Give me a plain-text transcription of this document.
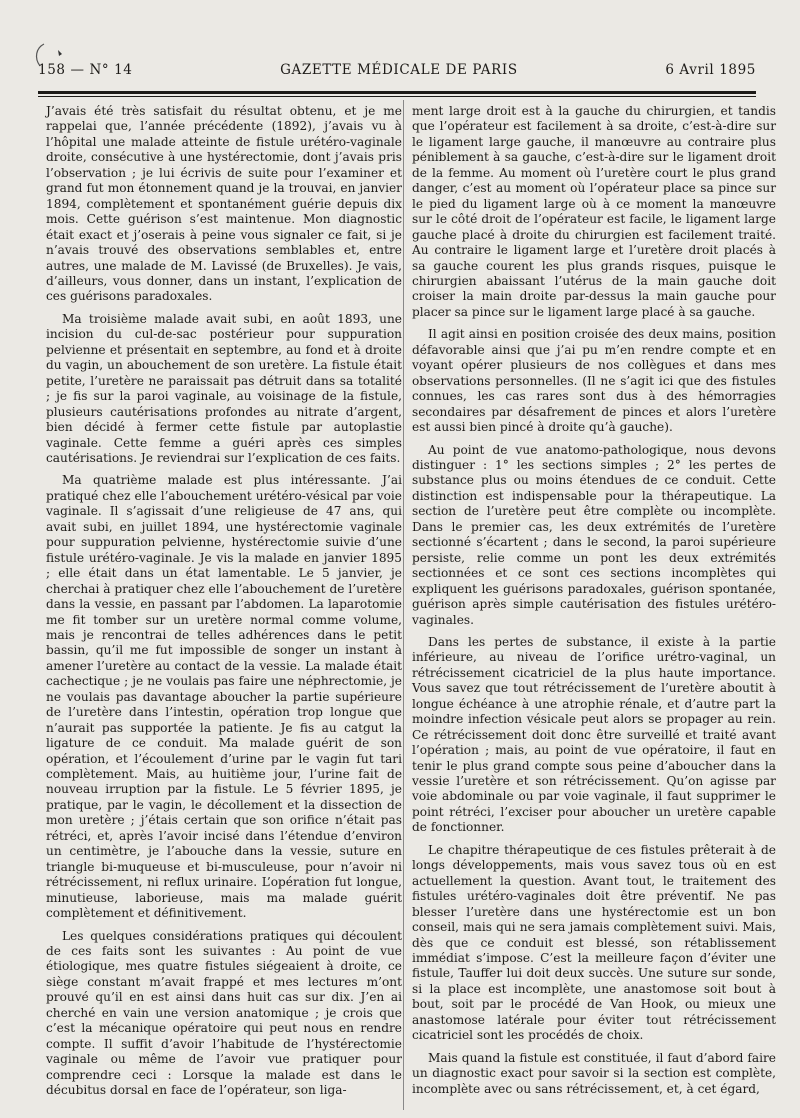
158 — N° 14	GAZETTE MÉDICALE DE PARIS	6 Avril 1895

J’avais été très satisfait du résultat obtenu, et je me rappelai que, l’année précédente (1892), j’avais vu à l’hôpital une malade atteinte de fistule urétéro-vaginale droite, consécutive à une hystérectomie, dont j’avais pris l’observation ; je lui écrivis de suite pour l’examiner et grand fut mon étonnement quand je la trouvai, en janvier 1894, complètement et spontanément guérie depuis dix mois. Cette guérison s’est maintenue. Mon diagnostic était exact et j’oserais à peine vous signaler ce fait, si je n’avais trouvé des observations semblables et, entre autres, une malade de M. Lavissé (de Bruxelles). Je vais, d’ailleurs, vous donner, dans un instant, l’explication de ces guérisons paradoxales.

Ma troisième malade avait subi, en août 1893, une incision du cul-de-sac postérieur pour suppuration pelvienne et présentait en septembre, au fond et à droite du vagin, un abouchement de son uretère. La fistule était petite, l’uretère ne paraissait pas détruit dans sa totalité ; je fis sur la paroi vaginale, au voisinage de la fistule, plusieurs cautérisations profondes au nitrate d’argent, bien décidé à fermer cette fistule par autoplastie vaginale. Cette femme a guéri après ces simples cautérisations. Je reviendrai sur l’explication de ces faits.

Ma quatrième malade est plus intéressante. J’ai pratiqué chez elle l’abouchement urétéro-vésical par voie vaginale. Il s’agissait d’une religieuse de 47 ans, qui avait subi, en juillet 1894, une hystérectomie vaginale pour suppuration pelvienne, hystérectomie suivie d’une fistule urétéro-vaginale. Je vis la malade en janvier 1895 ; elle était dans un état lamentable. Le 5 janvier, je cherchai à pratiquer chez elle l’abouchement de l’uretère dans la vessie, en passant par l’abdomen. La laparotomie me fit tomber sur un uretère normal comme volume, mais je rencontrai de telles adhérences dans le petit bassin, qu’il me fut impossible de songer un instant à amener l’uretère au contact de la vessie. La malade était cachectique ; je ne voulais pas faire une néphrectomie, je ne voulais pas davantage aboucher la partie supérieure de l’uretère dans l’intestin, opération trop longue que n’aurait pas supportée la patiente. Je fis au catgut la ligature de ce conduit. Ma malade guérit de son opération, et l’écoulement d’urine par le vagin fut tari complètement. Mais, au huitième jour, l’urine fait de nouveau irruption par la fistule. Le 5 février 1895, je pratique, par le vagin, le décollement et la dissection de mon uretère ; j’étais certain que son orifice n’était pas rétréci, et, après l’avoir incisé dans l’étendue d’environ un centimètre, je l’abouche dans la vessie, suture en triangle bi-muqueuse et bi-musculeuse, pour n’avoir ni rétrécissement, ni reflux urinaire. L’opération fut longue, minutieuse, laborieuse, mais ma malade guérit complètement et définitivement.

Les quelques considérations pratiques qui découlent de ces faits sont les suivantes : Au point de vue étiologique, mes quatre fistules siégeaient à droite, ce siège constant m’avait frappé et mes lectures m’ont prouvé qu’il en est ainsi dans huit cas sur dix. J’en ai cherché en vain une version anatomique ; je crois que c’est la mécanique opératoire qui peut nous en rendre compte. Il suffit d’avoir l’habitude de l’hystérectomie vaginale ou même de l’avoir vue pratiquer pour comprendre ceci : Lorsque la malade est dans le décubitus dorsal en face de l’opérateur, son liga-

ment large droit est à la gauche du chirurgien, et tandis que l’opérateur est facilement à sa droite, c’est-à-dire sur le ligament large gauche, il manœuvre au contraire plus péniblement à sa gauche, c’est-à-dire sur le ligament droit de la femme. Au moment où l’uretère court le plus grand danger, c’est au moment où l’opérateur place sa pince sur le pied du ligament large où à ce moment la manœuvre sur le côté droit de l’opérateur est facile, le ligament large gauche placé à droite du chirurgien est facilement traité. Au contraire le ligament large et l’uretère droit placés à sa gauche courent les plus grands risques, puisque le chirurgien abaissant l’utérus de la main gauche doit croiser la main droite par-dessus la main gauche pour placer sa pince sur le ligament large placé à sa gauche.

Il agit ainsi en position croisée des deux mains, position défavorable ainsi que j’ai pu m’en rendre compte et en voyant opérer plusieurs de nos collègues et dans mes observations personnelles. (Il ne s’agit ici que des fistules connues, les cas rares sont dus à des hémorragies secondaires par désafrement de pinces et alors l’uretère est aussi bien pincé à droite qu’à gauche).

Au point de vue anatomo-pathologique, nous devons distinguer : 1° les sections simples ; 2° les pertes de substance plus ou moins étendues de ce conduit. Cette distinction est indispensable pour la thérapeutique. La section de l’uretère peut être complète ou incomplète. Dans le premier cas, les deux extrémités de l’uretère sectionné s’écartent ; dans le second, la paroi supérieure persiste, relie comme un pont les deux extrémités sectionnées et ce sont ces sections incomplètes qui expliquent les guérisons paradoxales, guérison spontanée, guérison après simple cautérisation des fistules urétéro-vaginales.

Dans les pertes de substance, il existe à la partie inférieure, au niveau de l’orifice urétro-vaginal, un rétrécissement cicatriciel de la plus haute importance. Vous savez que tout rétrécissement de l’uretère aboutit à longue échéance à une atrophie rénale, et d’autre part la moindre infection vésicale peut alors se propager au rein. Ce rétrécissement doit donc être surveillé et traité avant l’opération ; mais, au point de vue opératoire, il faut en tenir le plus grand compte sous peine d’aboucher dans la vessie l’uretère et son rétrécissement. Qu’on agisse par voie abdominale ou par voie vaginale, il faut supprimer le point rétréci, l’exciser pour aboucher un uretère capable de fonctionner.

Le chapitre thérapeutique de ces fistules prêterait à de longs développements, mais vous savez tous où en est actuellement la question. Avant tout, le traitement des fistules urétéro-vaginales doit être préventif. Ne pas blesser l’uretère dans une hystérectomie est un bon conseil, mais qui ne sera jamais complètement suivi. Mais, dès que ce conduit est blessé, son rétablissement immédiat s’impose. C’est la meilleure façon d’éviter une fistule, Tauffer lui doit deux succès. Une suture sur sonde, si la place est incomplète, une anastomose soit bout à bout, soit par le procédé de Van Hook, ou mieux une anastomose latérale pour éviter tout rétrécissement cicatriciel sont les procédés de choix.

Mais quand la fistule est constituée, il faut d’abord faire un diagnostic exact pour savoir si la section est complète, incomplète avec ou sans rétrécissement, et, à cet égard,
